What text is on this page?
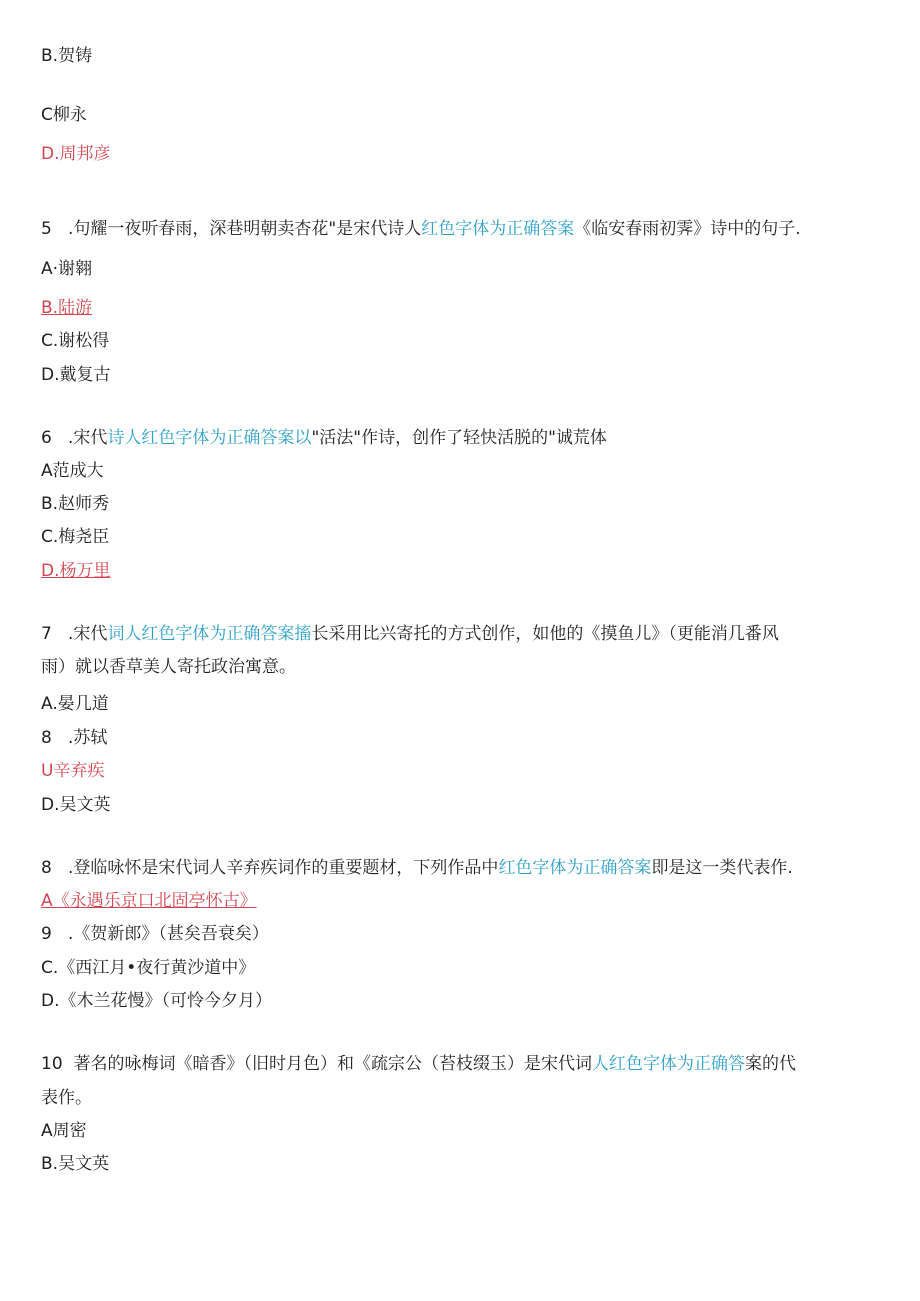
B.贺铸
C柳永
D.周邦彦
5   .句耀一夜听春雨，深巷明朝卖杏花"是宋代诗人红色字体为正确答案《临安春雨初霁》诗中的句子.
A·谢翱
B.陆游
C.谢松得
D.戴复古
6   .宋代诗人红色字体为正确答案以"活法"作诗，创作了轻快活脱的"诚荒体
A范成大
B.赵师秀
C.梅尧臣
D.杨万里
7   .宋代词人红色字体为正确答案搐长采用比兴寄托的方式创作，如他的《摸鱼儿》（更能消几番风
雨）就以香草美人寄托政治寓意。
A.晏几道
8   .苏轼
U辛弃疾
D.吴文英
8   .登临咏怀是宋代词人辛弃疾词作的重要题材，下列作品中红色字体为正确答案即是这一类代表作.
A《永遇乐京口北固亭怀古》
9   .《贺新郎》（甚矣吾衰矣）
C.《西江月•夜行黄沙道中》
D.《木兰花慢》（可怜今夕月）
10  著名的咏梅词《暗香》（旧时月色）和《疏宗公（苔枝缀玉）是宋代词人红色字体为正确答案的代
表作。
A周密
B.吴文英
